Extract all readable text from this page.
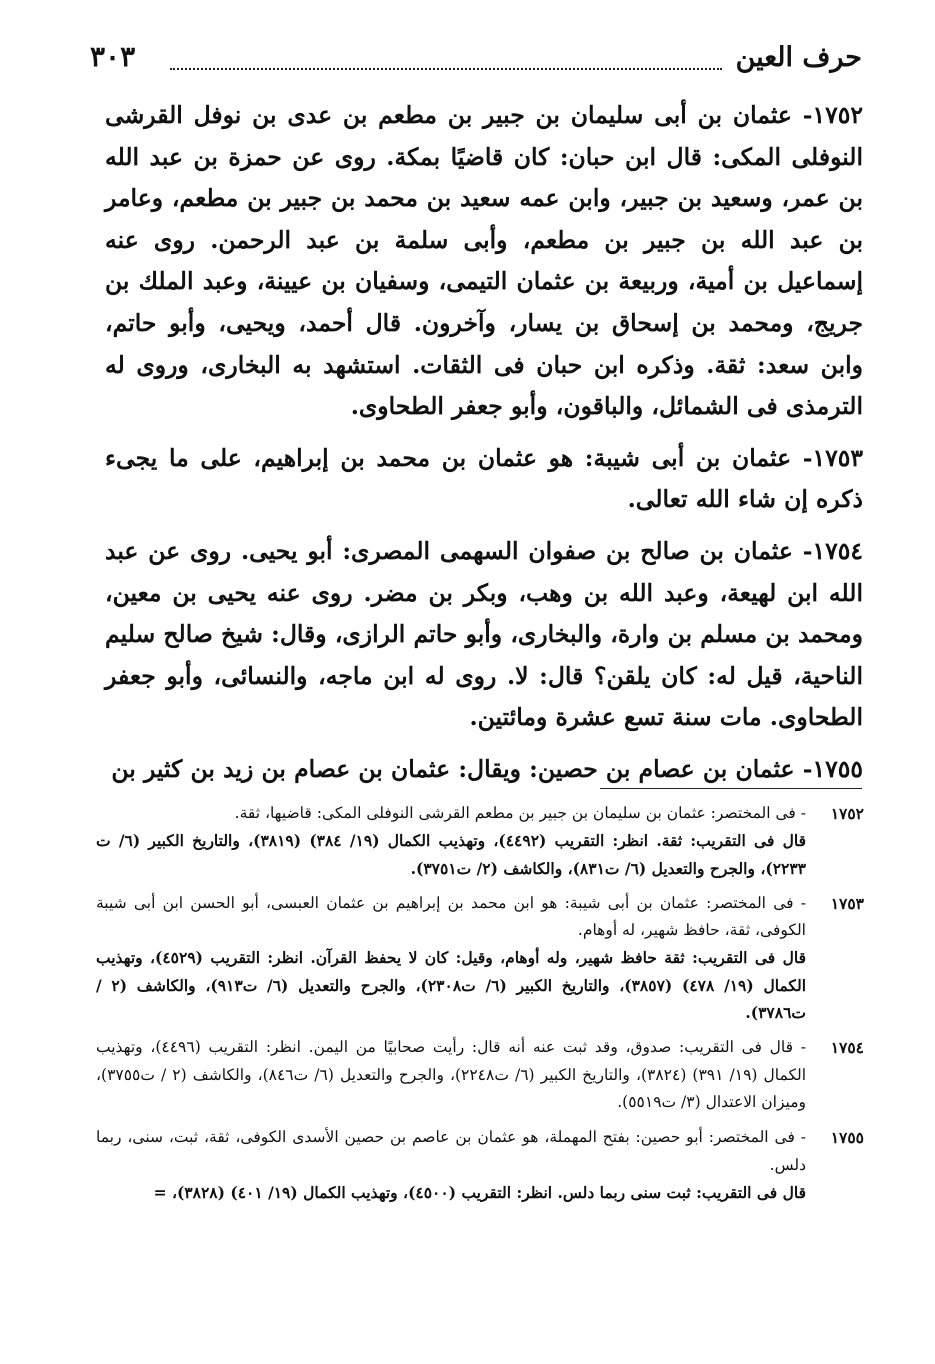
حرف العين
٣٠٣

١٧٥٢- عثمان بن أبى سليمان بن جبير بن مطعم بن عدى بن نوفل القرشى النوفلى المكى: قال ابن حبان: كان قاضيًا بمكة. روى عن حمزة بن عبد الله بن عمر، وسعيد بن جبير، وابن عمه سعيد بن محمد بن جبير بن مطعم، وعامر بن عبد الله بن جبير بن مطعم، وأبى سلمة بن عبد الرحمن. روى عنه إسماعيل بن أمية، وربيعة بن عثمان التيمى، وسفيان بن عيينة، وعبد الملك بن جريج، ومحمد بن إسحاق بن يسار، وآخرون. قال أحمد، ويحيى، وأبو حاتم، وابن سعد: ثقة. وذكره ابن حبان فى الثقات. استشهد به البخارى، وروى له الترمذى فى الشمائل، والباقون، وأبو جعفر الطحاوى.

١٧٥٣- عثمان بن أبى شيبة: هو عثمان بن محمد بن إبراهيم، على ما يجىء ذكره إن شاء الله تعالى.

١٧٥٤- عثمان بن صالح بن صفوان السهمى المصرى: أبو يحيى. روى عن عبد الله ابن لهيعة، وعبد الله بن وهب، وبكر بن مضر. روى عنه يحيى بن معين، ومحمد بن مسلم بن وارة، والبخارى، وأبو حاتم الرازى، وقال: شيخ صالح سليم الناحية، قيل له: كان يلقن؟ قال: لا. روى له ابن ماجه، والنسائى، وأبو جعفر الطحاوى. مات سنة تسع عشرة ومائتين.

١٧٥٥- عثمان بن عصام بن حصين: ويقال: عثمان بن عصام بن زيد بن كثير بن

١٧٥٢
- فى المختصر: عثمان بن سليمان بن جبير بن مطعم القرشى النوفلى المكى: قاضيها، ثقة.
قال فى التقريب: ثقة. انظر: التقريب (٤٤٩٢)، وتهذيب الكمال (١٩/ ٣٨٤) (٣٨١٩)، والتاريخ الكبير (٦/ ت ٢٢٣٣)، والجرح والتعديل (٦/ ت٨٣١)، والكاشف (٢/ ت٣٧٥١).
١٧٥٣
- فى المختصر: عثمان بن أبى شيبة: هو ابن محمد بن إبراهيم بن عثمان العبسى، أبو الحسن ابن أبى شيبة الكوفى، ثقة، حافظ شهير، له أوهام.
قال فى التقريب: ثقة حافظ شهير، وله أوهام، وقيل: كان لا يحفظ القرآن. انظر: التقريب (٤٥٢٩)، وتهذيب الكمال (١٩/ ٤٧٨) (٣٨٥٧)، والتاريخ الكبير (٦/ ت٢٣٠٨)، والجرح والتعديل (٦/ ت٩١٣)، والكاشف (٢ / ت٣٧٨٦).
١٧٥٤
- قال فى التقريب: صدوق، وقد ثبت عنه أنه قال: رأيت صحابيًا من اليمن. انظر: التقريب (٤٤٩٦)، وتهذيب الكمال (١٩/ ٣٩١) (٣٨٢٤)، والتاريخ الكبير (٦/ ت٢٢٤٨)، والجرح والتعديل (٦/ ت٨٤٦)، والكاشف (٢ / ت٣٧٥٥)، وميزان الاعتدال (٣/ ت٥٥١٩).
١٧٥٥
- فى المختصر: أبو حصين: بفتح المهملة، هو عثمان بن عاصم بن حصين الأسدى الكوفى، ثقة، ثبت، سنى، ربما دلس.
قال فى التقريب: ثبت سنى ربما دلس. انظر: التقريب (٤٥٠٠)، وتهذيب الكمال (١٩/ ٤٠١) (٣٨٢٨)، =
